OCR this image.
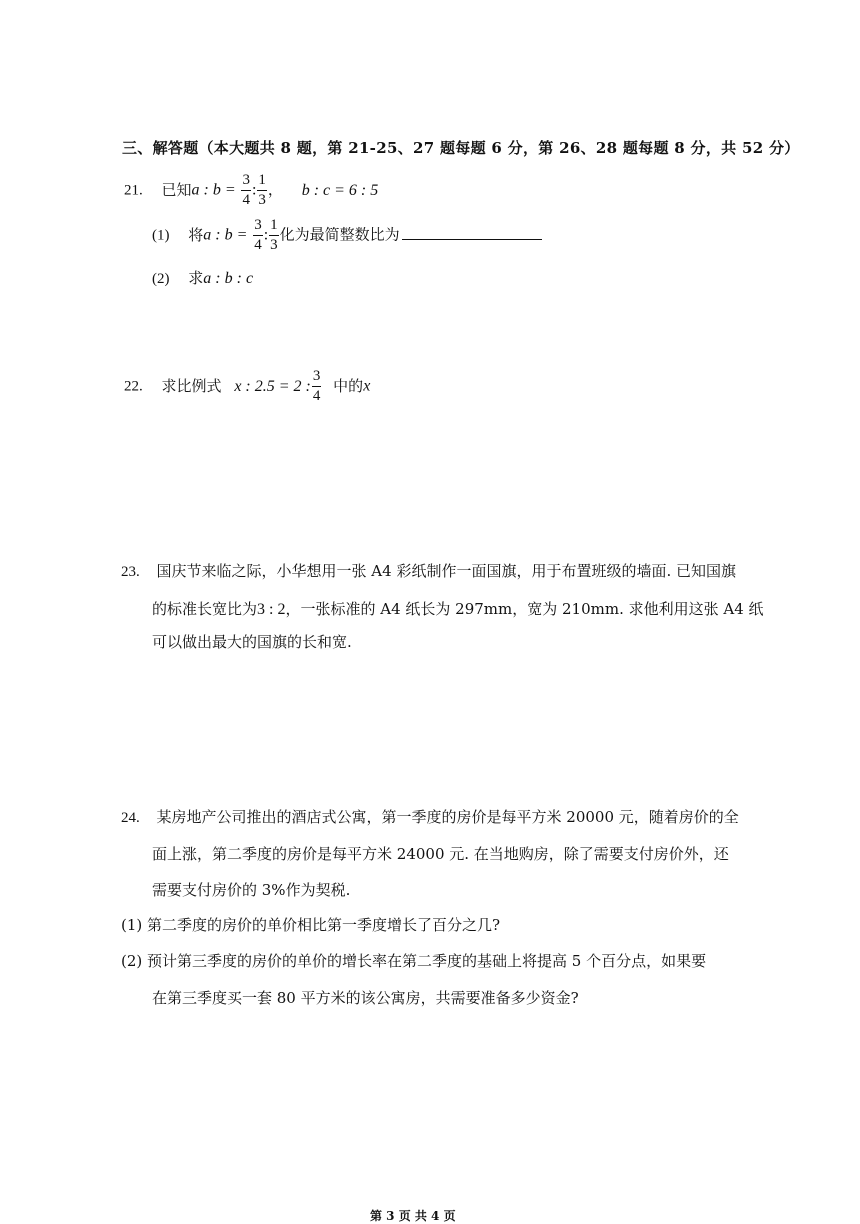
三、解答题（本大题共 8 题，第 21-25、27 题每题 6 分，第 26、28 题每题 8 分，共 52 分）
21. 已知a : $b = \frac{3}{4}$ : $\frac{1}{3}$ ， b : c = 6 : 5
(1) 将a : $b = \frac{3}{4}$ : $\frac{1}{3}$ 化为最简整数比为
(2) 求a : b : c
22. 求比例式 x : 2.5 = 2 : $\frac{3}{4}$ 中的x
23. 国庆节来临之际，小华想用一张 A4 彩纸制作一面国旗，用于布置班级的墙面. 已知国旗
的标准长宽比为3 : 2，一张标准的 A4 纸长为 297mm，宽为 210mm. 求他利用这张 A4 纸
可以做出最大的国旗的长和宽.
24. 某房地产公司推出的酒店式公寓，第一季度的房价是每平方米 20000 元，随着房价的全
面上涨，第二季度的房价是每平方米 24000 元. 在当地购房，除了需要支付房价外，还
需要支付房价的 3%作为契税.
(1) 第二季度的房价的单价相比第一季度增长了百分之几?
(2) 预计第三季度的房价的单价的增长率在第二季度的基础上将提高 5 个百分点，如果要
在第三季度买一套 80 平方米的该公寓房，共需要准备多少资金?
第 3 页 共 4 页
